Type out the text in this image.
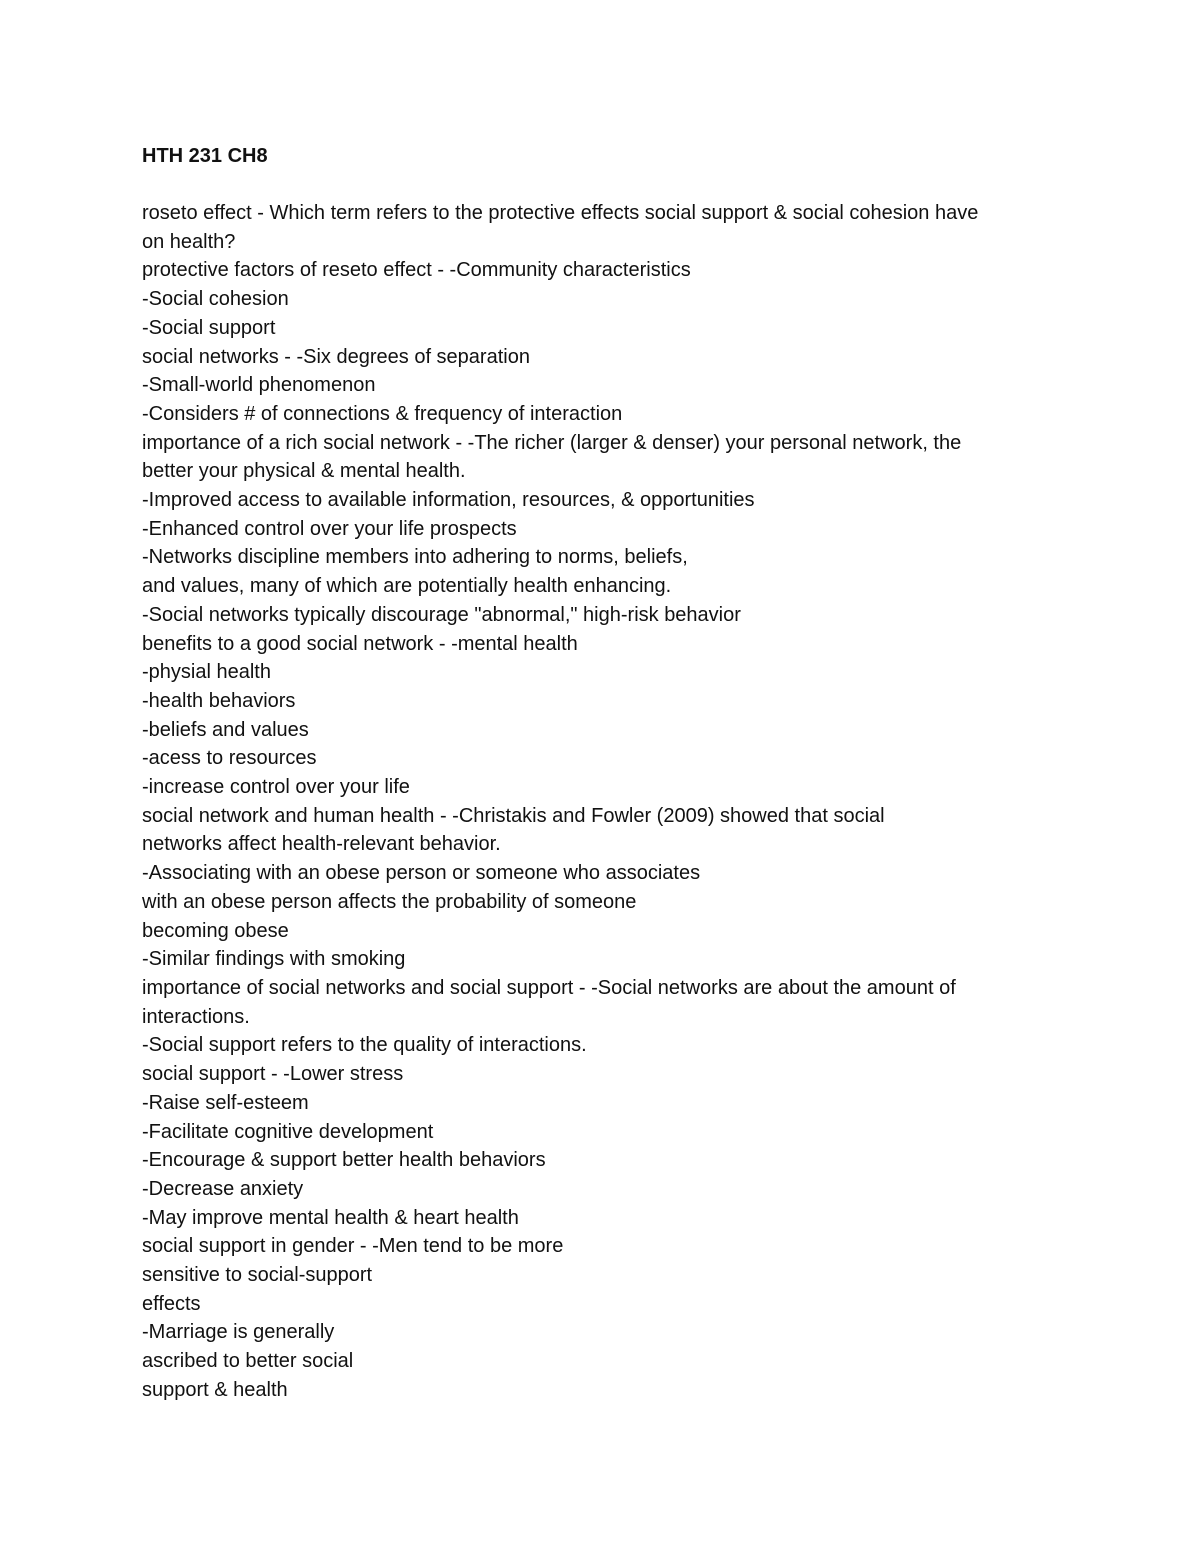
HTH 231 CH8
roseto effect - Which term refers to the protective effects social support & social cohesion have
on health?
protective factors of reseto effect - -Community characteristics
-Social cohesion
-Social support
social networks - -Six degrees of separation
-Small-world phenomenon
-Considers # of connections & frequency of interaction
importance of a rich social network - -The richer (larger & denser) your personal network, the
better your physical & mental health.
-Improved access to available information, resources, & opportunities
-Enhanced control over your life prospects
-Networks discipline members into adhering to norms, beliefs,
and values, many of which are potentially health enhancing.
-Social networks typically discourage "abnormal," high-risk behavior
benefits to a good social network - -mental health
-physial health
-health behaviors
-beliefs and values
-acess to resources
-increase control over your life
social network and human health - -Christakis and Fowler (2009) showed that social
networks affect health-relevant behavior.
-Associating with an obese person or someone who associates
with an obese person affects the probability of someone
becoming obese
-Similar findings with smoking
importance of social networks and social support - -Social networks are about the amount of
interactions.
-Social support refers to the quality of interactions.
social support - -Lower stress
-Raise self-esteem
-Facilitate cognitive development
-Encourage & support better health behaviors
-Decrease anxiety
-May improve mental health & heart health
social support in gender - -Men tend to be more
sensitive to social-support
effects
-Marriage is generally
ascribed to better social
support & health
